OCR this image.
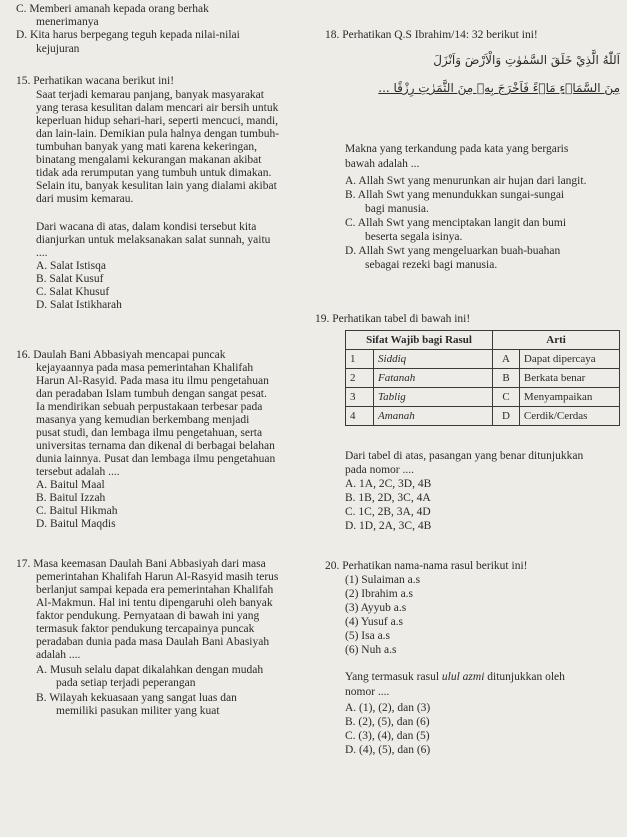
C. Memberi amanah kepada orang berhak
menerimanya
D. Kita harus berpegang teguh kepada nilai-nilai
kejujuran
15. Perhatikan wacana berikut ini!
Saat terjadi kemarau panjang, banyak masyarakat
yang terasa kesulitan dalam mencari air bersih untuk
keperluan hidup sehari-hari, seperti mencuci, mandi,
dan lain-lain. Demikian pula halnya dengan tumbuh-
tumbuhan banyak yang mati karena kekeringan,
binatang mengalami kekurangan makanan akibat
tidak ada rerumputan yang tumbuh untuk dimakan.
Selain itu, banyak kesulitan lain yang dialami akibat
dari musim kemarau.
Dari wacana di atas, dalam kondisi tersebut kita
dianjurkan untuk melaksanakan salat sunnah, yaitu
....
A. Salat Istisqa
B. Salat Kusuf
C. Salat Khusuf
D. Salat Istikharah
16. Daulah Bani Abbasiyah mencapai puncak
kejayaannya pada masa pemerintahan Khalifah
Harun Al-Rasyid. Pada masa itu ilmu pengetahuan
dan peradaban Islam tumbuh dengan sangat pesat.
Ia mendirikan sebuah perpustakaan terbesar pada
masanya yang kemudian berkembang menjadi
pusat studi, dan lembaga ilmu pengetahuan, serta
universitas ternama dan dikenal di berbagai belahan
dunia lainnya. Pusat dan lembaga ilmu pengetahuan
tersebut adalah ....
A. Baitul Maal
B. Baitul Izzah
C. Baitul Hikmah
D. Baitul Maqdis
17. Masa keemasan Daulah Bani Abbasiyah dari masa
pemerintahan Khalifah Harun Al-Rasyid masih terus
berlanjut sampai kepada era pemerintahan Khalifah
Al-Makmun. Hal ini tentu dipengaruhi oleh banyak
faktor pendukung. Pernyataan di bawah ini yang
termasuk faktor pendukung tercapainya puncak
peradaban dunia pada masa Daulah Bani Abasiyah
adalah ....
A. Musuh selalu dapat dikalahkan dengan mudah
pada setiap terjadi peperangan
B. Wilayah kekuasaan yang sangat luas dan
memiliki pasukan militer yang kuat
18. Perhatikan Q.S Ibrahim/14: 32 berikut ini!
اَللّٰهُ الَّذِيْ خَلَقَ السَّمٰوٰتِ وَالْاَرْضَ وَاَنْزَلَ
مِنَ السَّمَاۤءِ مَاۤءً فَاَخْرَجَ بِهٖ مِنَ الثَّمَرٰتِ رِزْقًا ...
Makna yang terkandung pada kata yang bergaris
bawah adalah ...
A. Allah Swt yang menurunkan air hujan dari langit.
B. Allah Swt yang menundukkan sungai-sungai
bagi manusia.
C. Allah Swt yang menciptakan langit dan bumi
beserta segala isinya.
D. Allah Swt yang mengeluarkan buah-buahan
sebagai rezeki bagi manusia.
19. Perhatikan tabel di bawah ini!
Sifat Wajib bagi Rasul		Arti	
1	Siddiq	A	Dapat dipercaya
2	Fatanah	B	Berkata benar
3	Tablig	C	Menyampaikan
4	Amanah	D	Cerdik/Cerdas
Dari tabel di atas, pasangan yang benar ditunjukkan
pada nomor ....
A. 1A, 2C, 3D, 4B
B. 1B, 2D, 3C, 4A
C. 1C, 2B, 3A, 4D
D. 1D, 2A, 3C, 4B
20. Perhatikan nama-nama rasul berikut ini!
(1) Sulaiman a.s
(2) Ibrahim a.s
(3) Ayyub a.s
(4) Yusuf a.s
(5) Isa a.s
(6) Nuh a.s
Yang termasuk rasul ulul azmi ditunjukkan oleh
nomor ....
A. (1), (2), dan (3)
B. (2), (5), dan (6)
C. (3), (4), dan (5)
D. (4), (5), dan (6)
